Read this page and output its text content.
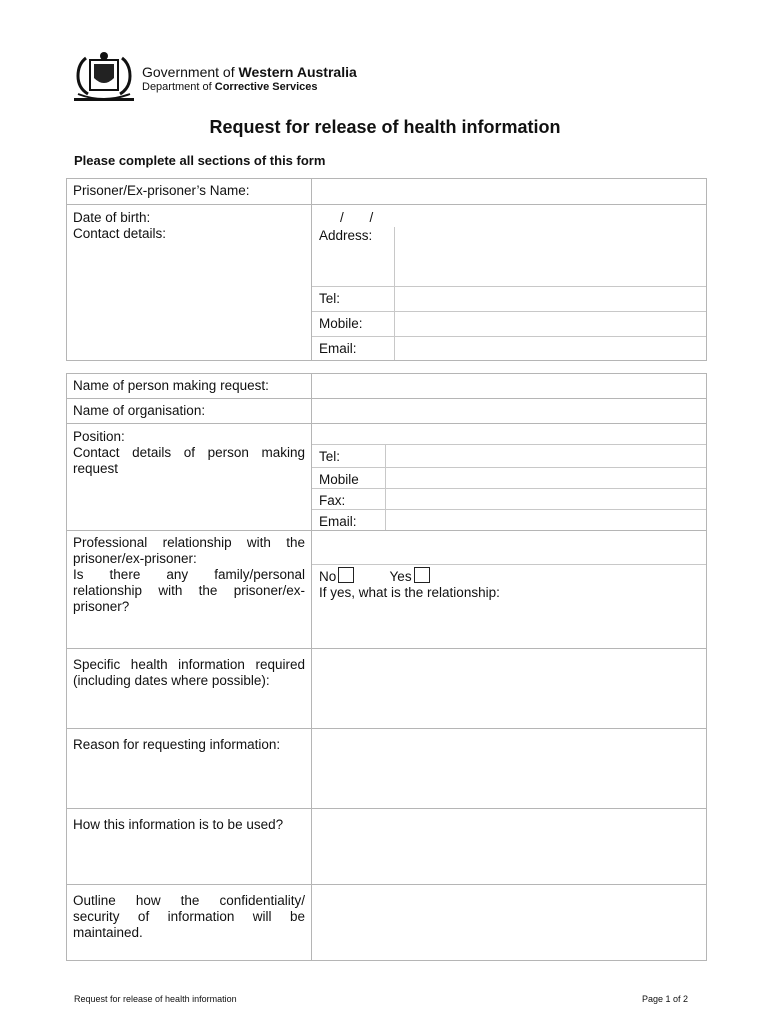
Government of Western Australia
Department of Corrective Services
Request for release of health information
Please complete all sections of this form
Prisoner/Ex-prisoner’s Name:	

Date of birth:
Contact details:

/ /
Address:	
Tel:	
Mobile:	
Email:	
Name of person making request:	
Name of organisation:	

Position:
Contact details of person making request

Tel:	
Mobile	
Fax:	
Email:	

Professional relationship with the prisoner/ex-prisoner:
Is there any family/personal relationship with the prisoner/ex-prisoner?

No	Yes
If yes, what is the relationship:

Specific health information required (including dates where possible):	
Reason for requesting information:	
How this information is to be used?	
Outline how the confidentiality/ security of information will be maintained.	
Request for release of health information	Page 1 of 2
